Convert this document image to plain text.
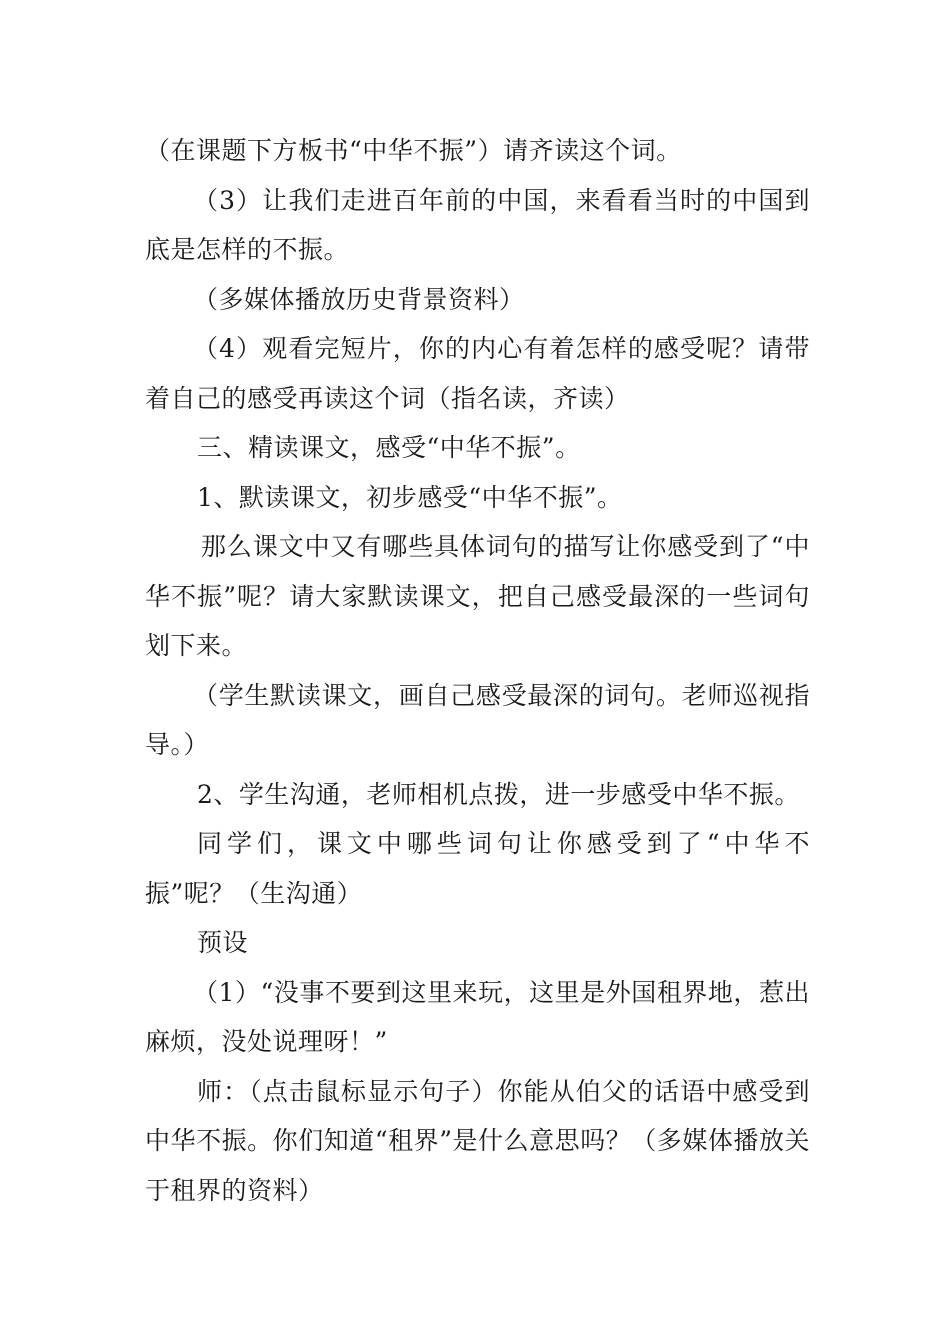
（在课题下方板书“中华不振”）请齐读这个词。

（3）让我们走进百年前的中国，来看看当时的中国到底是怎样的不振。

（多媒体播放历史背景资料）

（4）观看完短片，你的内心有着怎样的感受呢？请带着自己的感受再读这个词（指名读，齐读）

三、精读课文，感受“中华不振”。

1、默读课文，初步感受“中华不振”。

那么课文中又有哪些具体词句的描写让你感受到了“中华不振”呢？请大家默读课文，把自己感受最深的一些词句划下来。

（学生默读课文，画自己感受最深的词句。老师巡视指导。）

2、学生沟通，老师相机点拨，进一步感受中华不振。

同学们，课文中哪些词句让你感受到了“中华不振”呢？（生沟通）

预设

（1）“没事不要到这里来玩，这里是外国租界地，惹出麻烦，没处说理呀！”

师：（点击鼠标显示句子）你能从伯父的话语中感受到中华不振。你们知道“租界”是什么意思吗？（多媒体播放关于租界的资料）
